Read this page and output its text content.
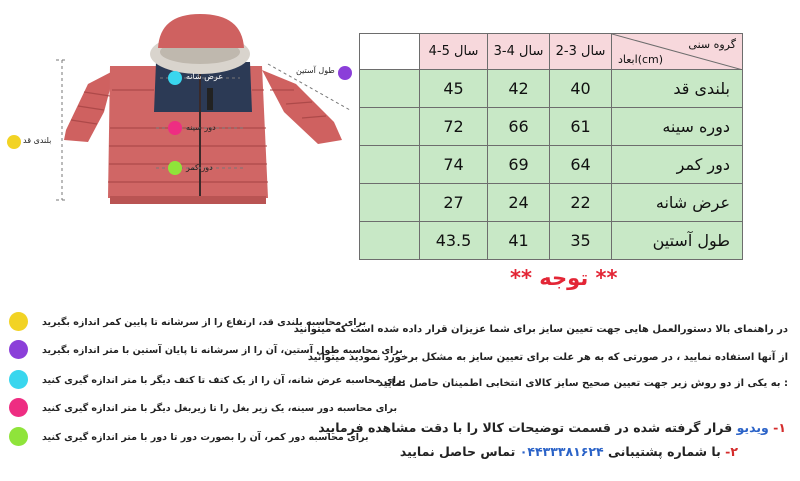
بلندی قد
طول آستین
عرض شانه
دور سینه
دور کمر
	4-5 سال	3-4 سال	2-3 سال	گروه سنی
ابعاد(cm)

	45	42	40	بلندی قد
	72	66	61	دوره سینه
	74	69	64	دور کمر
	27	24	22	عرض شانه
	43.5	41	35	طول آستین
** توجه **
در راهنمای بالا دستورالعمل هایی جهت تعیین سایز برای شما عزیزان قرار داده شده است که میتوانید
از آنها استفاده نمایید ، در صورتی که به هر علت برای تعیین سایز به مشکل برخورد نمودید میتوانید
: به یکی از دو روش زیر جهت تعیین صحیح سایز کالای انتخابی اطمینان حاصل نمایید
۱- ویدیو قرار گرفته شده در قسمت توضیحات کالا را با دقت مشاهده فرمایید
۲- با شماره پشتیبانی ۰۴۴۳۳۳۸۱۶۲۴ تماس حاصل نمایید
برای محاسبه بلندی قد، ارتفاع را از سرشانه تا پایین کمر اندازه بگیرید
برای محاسبه طول آستین، آن را از سرشانه تا پایان آستین با متر اندازه بگیرید
برای محاسبه عرض شانه، آن را از یک کتف تا کتف دیگر با متر اندازه گیری کنید
برای محاسبه دور سینه، یک زیر بغل را تا زیربغل دیگر با متر اندازه گیری کنید
برای محاسبه دور کمر، آن را بصورت دور تا دور با متر اندازه گیری کنید
